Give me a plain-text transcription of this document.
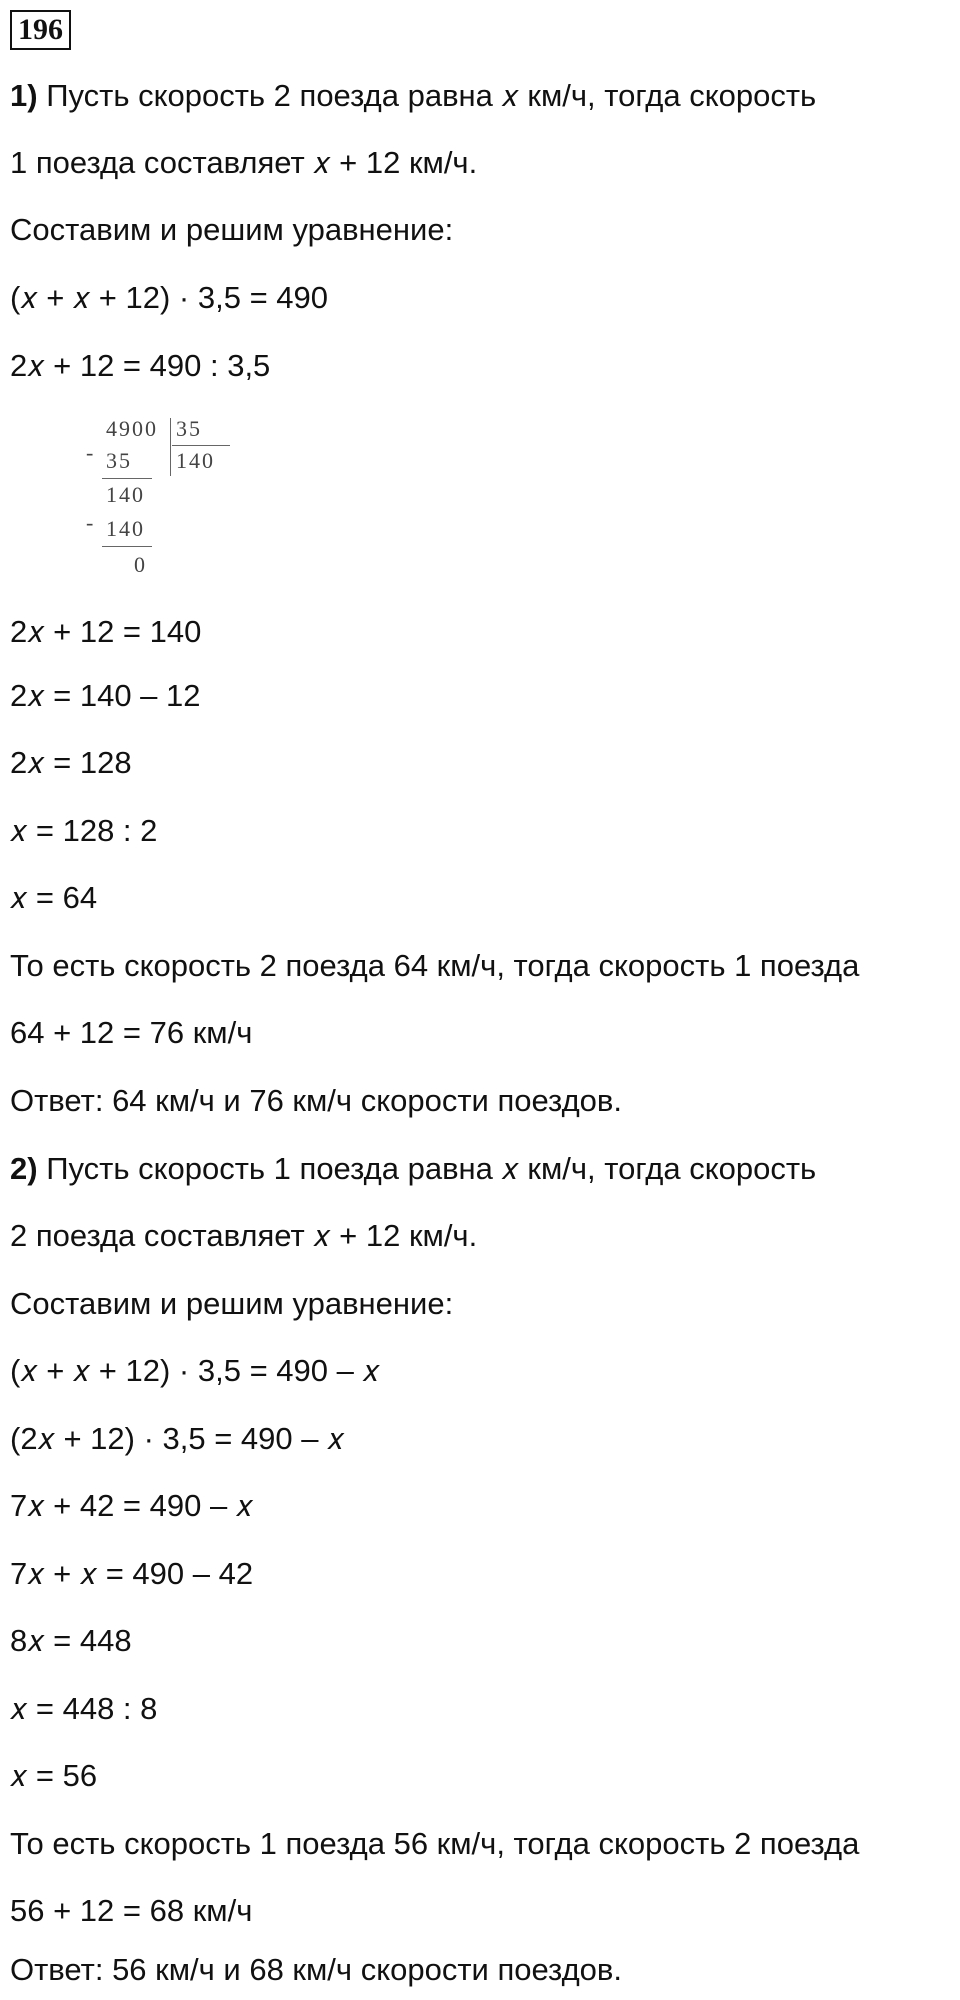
196
1) Пусть скорость 2 поезда равна 𝑥 км/ч, тогда скорость
1 поезда составляет 𝑥 + 12 км/ч.
Составим и решим уравнение:
(𝑥 + 𝑥 + 12) · 3,5 = 490
2𝑥 + 12 = 490 : 3,5
4900 35
140
- 35
140
- 140
0
2𝑥 + 12 = 140
2𝑥 = 140 – 12
2𝑥 = 128
𝑥 = 128 : 2
𝑥 = 64
То есть скорость 2 поезда 64 км/ч, тогда скорость 1 поезда
64 + 12 = 76 км/ч
Ответ: 64 км/ч и 76 км/ч скорости поездов.
2) Пусть скорость 1 поезда равна 𝑥 км/ч, тогда скорость
2 поезда составляет 𝑥 + 12 км/ч.
Составим и решим уравнение:
(𝑥 + 𝑥 + 12) · 3,5 = 490 – 𝑥
(2𝑥 + 12) · 3,5 = 490 – 𝑥
7𝑥 + 42 = 490 – 𝑥
7𝑥 + 𝑥 = 490 – 42
8𝑥 = 448
𝑥 = 448 : 8
𝑥 = 56
То есть скорость 1 поезда 56 км/ч, тогда скорость 2 поезда
56 + 12 = 68 км/ч
Ответ: 56 км/ч и 68 км/ч скорости поездов.
